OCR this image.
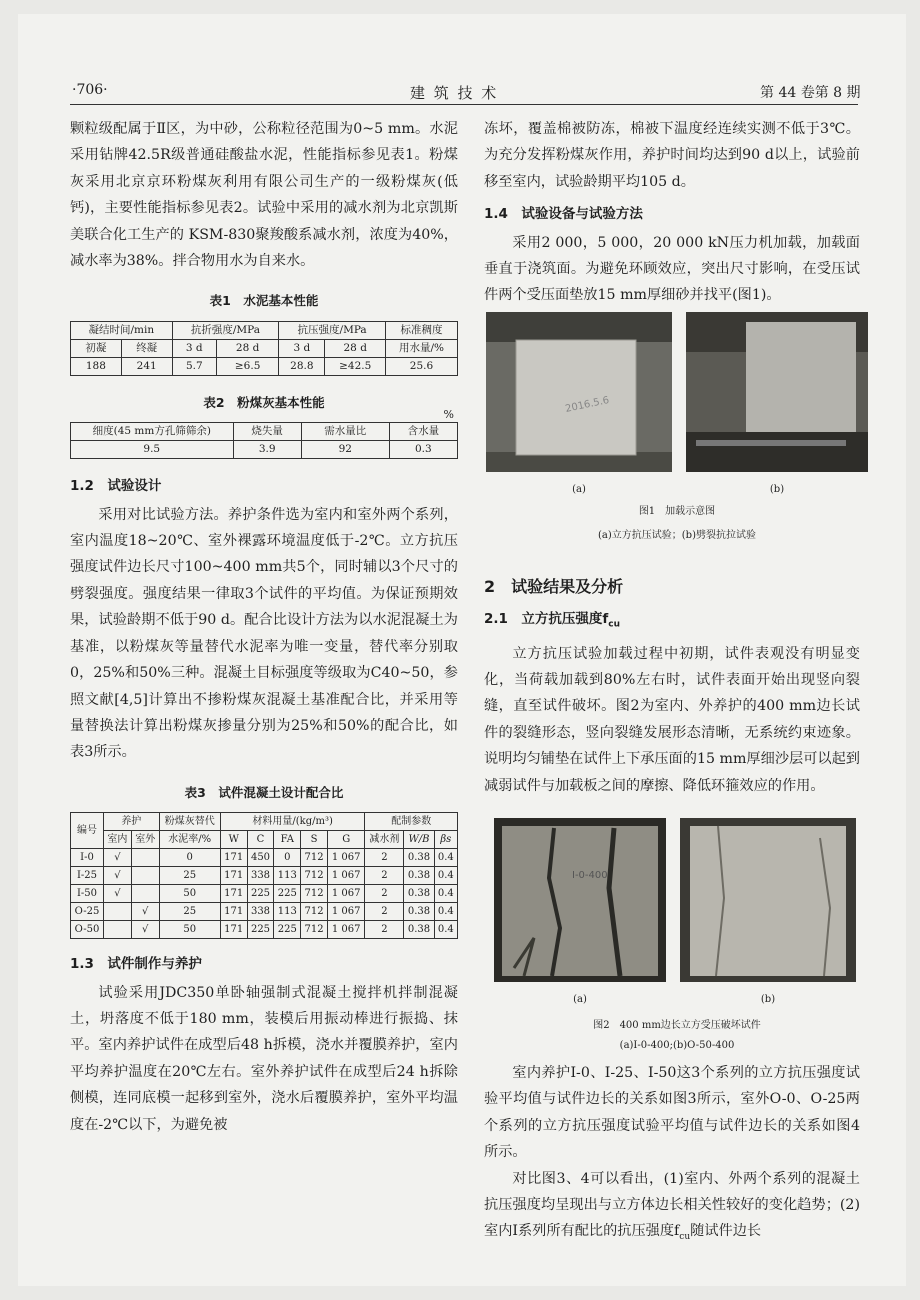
·706·	建 筑 技 术	第 44 卷第 8 期

颗粒级配属于Ⅱ区，为中砂，公称粒径范围为0~5 mm。水泥采用钻牌42.5R级普通硅酸盐水泥，性能指标参见表1。粉煤灰采用北京京环粉煤灰利用有限公司生产的一级粉煤灰(低钙)，主要性能指标参见表2。试验中采用的减水剂为北京凯斯美联合化工生产的 KSM-830聚羧酸系减水剂，浓度为40%，减水率为38%。拌合物用水为自来水。

表1　水泥基本性能
凝结时间/min		抗折强度/MPa		抗压强度/MPa		标准稠度
初凝	终凝	3 d	28 d	3 d	28 d	用水量/%
188	241	5.7	≥6.5	28.8	≥42.5	25.6
表2　粉煤灰基本性能
%
细度(45 mm方孔筛筛余)	烧失量	需水量比	含水量
9.5	3.9	92	0.3
1.2　试验设计

采用对比试验方法。养护条件选为室内和室外两个系列，室内温度18~20℃、室外裸露环境温度低于-2℃。立方抗压强度试件边长尺寸100~400 mm共5个，同时辅以3个尺寸的劈裂强度。强度结果一律取3个试件的平均值。为保证预期效果，试验龄期不低于90 d。配合比设计方法为以水泥混凝土为基准，以粉煤灰等量替代水泥率为唯一变量，替代率分别取0，25%和50%三种。混凝土目标强度等级取为C40~50，参照文献[4,5]计算出不掺粉煤灰混凝土基准配合比，并采用等量替换法计算出粉煤灰掺量分别为25%和50%的配合比，如表3所示。

表3　试件混凝土设计配合比
编号	养护		粉煤灰替代	材料用量/(kg/m³)					配制参数		
	室内	室外	水泥率/%	W	C	FA	S	G	减水剂	W/B	βs
I-0	√		0	171	450	0	712	1 067	2	0.38	0.4
I-25	√		25	171	338	113	712	1 067	2	0.38	0.4
I-50	√		50	171	225	225	712	1 067	2	0.38	0.4
O-25		√	25	171	338	113	712	1 067	2	0.38	0.4
O-50		√	50	171	225	225	712	1 067	2	0.38	0.4
1.3　试件制作与养护

试验采用JDC350单卧轴强制式混凝土搅拌机拌制混凝土，坍落度不低于180 mm，装模后用振动棒进行振捣、抹平。室内养护试件在成型后48 h拆模，浇水并覆膜养护，室内平均养护温度在20℃左右。室外养护试件在成型后24 h拆除侧模，连同底模一起移到室外，浇水后覆膜养护，室外平均温度在-2℃以下，为避免被

冻坏，覆盖棉被防冻，棉被下温度经连续实测不低于3℃。为充分发挥粉煤灰作用，养护时间均达到90 d以上，试验前移至室内，试验龄期平均105 d。

1.4　试验设备与试验方法

采用2 000，5 000，20 000 kN压力机加载，加载面垂直于浇筑面。为避免环顾效应，突出尺寸影响，在受压试件两个受压面垫放15 mm厚细砂并找平(图1)。

2016.5.6
(a)	(b)
图1　加载示意图
(a)立方抗压试验；(b)劈裂抗拉试验
2　试验结果及分析
2.1　立方抗压强度$f_{cu}$

立方抗压试验加载过程中初期，试件表观没有明显变化，当荷载加载到80%左右时，试件表面开始出现竖向裂缝，直至试件破坏。图2为室内、外养护的400 mm边长试件的裂缝形态，竖向裂缝发展形态清晰，无系统约束迹象。说明均匀铺垫在试件上下承压面的15 mm厚细沙层可以起到减弱试件与加载板之间的摩擦、降低环箍效应的作用。

I-0-400
(a)	(b)
图2　400 mm边长立方受压破坏试件
(a)I-0-400;(b)O-50-400

室内养护I-0、I-25、I-50这3个系列的立方抗压强度试验平均值与试件边长的关系如图3所示，室外O-0、O-25两个系列的立方抗压强度试验平均值与试件边长的关系如图4所示。

对比图3、4可以看出，(1)室内、外两个系列的混凝土抗压强度均呈现出与立方体边长相关性较好的变化趋势；(2)室内I系列所有配比的抗压强度$f_{cu}$随试件边长
